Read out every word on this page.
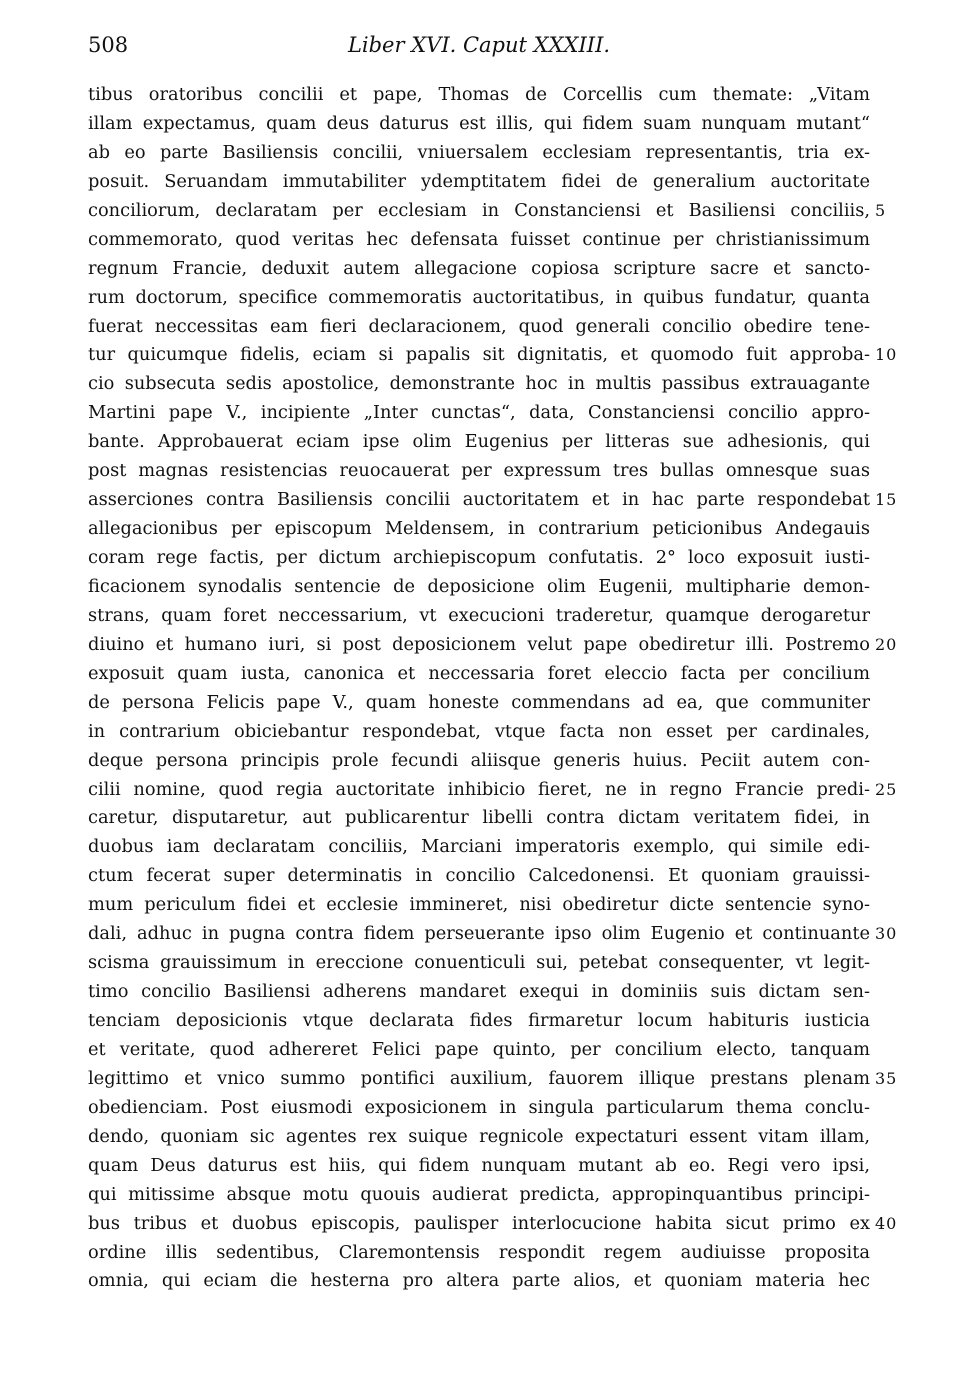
508	Liber XVI. Caput XXXIII.
tibus oratoribus concilii et pape, Thomas de Corcellis cum themate: „Vitam
illam expectamus, quam deus daturus est illis, qui fidem suam nunquam mutant“
ab eo parte Basiliensis concilii, vniuersalem ecclesiam representantis, tria ex-
posuit. Seruandam immutabiliter ydemptitatem fidei de generalium auctoritate
conciliorum, declaratam per ecclesiam in Constanciensi et Basiliensi conciliis, 5
commemorato, quod veritas hec defensata fuisset continue per christianissimum
regnum Francie, deduxit autem allegacione copiosa scripture sacre et sancto-
rum doctorum, specifice commemoratis auctoritatibus, in quibus fundatur, quanta
fuerat neccessitas eam fieri declaracionem, quod generali concilio obedire tene-
tur quicumque fidelis, eciam si papalis sit dignitatis, et quomodo fuit approba- 10
cio subsecuta sedis apostolice, demonstrante hoc in multis passibus extrauagante
Martini pape V., incipiente „Inter cunctas“, data, Constanciensi concilio appro-
bante. Approbauerat eciam ipse olim Eugenius per litteras sue adhesionis, qui
post magnas resistencias reuocauerat per expressum tres bullas omnesque suas
asserciones contra Basiliensis concilii auctoritatem et in hac parte respondebat 15
allegacionibus per episcopum Meldensem, in contrarium peticionibus Andegauis
coram rege factis, per dictum archiepiscopum confutatis. 2° loco exposuit iusti-
ficacionem synodalis sentencie de deposicione olim Eugenii, multipharie demon-
strans, quam foret neccessarium, vt execucioni traderetur, quamque derogaretur
diuino et humano iuri, si post deposicionem velut pape obediretur illi. Postremo 20
exposuit quam iusta, canonica et neccessaria foret eleccio facta per concilium
de persona Felicis pape V., quam honeste commendans ad ea, que communiter
in contrarium obiciebantur respondebat, vtque facta non esset per cardinales,
deque persona principis prole fecundi aliisque generis huius. Peciit autem con-
cilii nomine, quod regia auctoritate inhibicio fieret, ne in regno Francie predi- 25
caretur, disputaretur, aut publicarentur libelli contra dictam veritatem fidei, in
duobus iam declaratam conciliis, Marciani imperatoris exemplo, qui simile edi-
ctum fecerat super determinatis in concilio Calcedonensi. Et quoniam grauissi-
mum periculum fidei et ecclesie immineret, nisi obediretur dicte sentencie syno-
dali, adhuc in pugna contra fidem perseuerante ipso olim Eugenio et continuante 30
scisma grauissimum in ereccione conuenticuli sui, petebat consequenter, vt legit-
timo concilio Basiliensi adherens mandaret exequi in dominiis suis dictam sen-
tenciam deposicionis vtque declarata fides firmaretur locum habituris iusticia
et veritate, quod adhereret Felici pape quinto, per concilium electo, tanquam
legittimo et vnico summo pontifici auxilium, fauorem illique prestans plenam 35
obedienciam. Post eiusmodi exposicionem in singula particularum thema conclu-
dendo, quoniam sic agentes rex suique regnicole expectaturi essent vitam illam,
quam Deus daturus est hiis, qui fidem nunquam mutant ab eo. Regi vero ipsi,
qui mitissime absque motu quouis audierat predicta, appropinquantibus principi-
bus tribus et duobus episcopis, paulisper interlocucione habita sicut primo ex 40
ordine illis sedentibus, Claremontensis respondit regem audiuisse proposita
omnia, qui eciam die hesterna pro altera parte alios, et quoniam materia hec
